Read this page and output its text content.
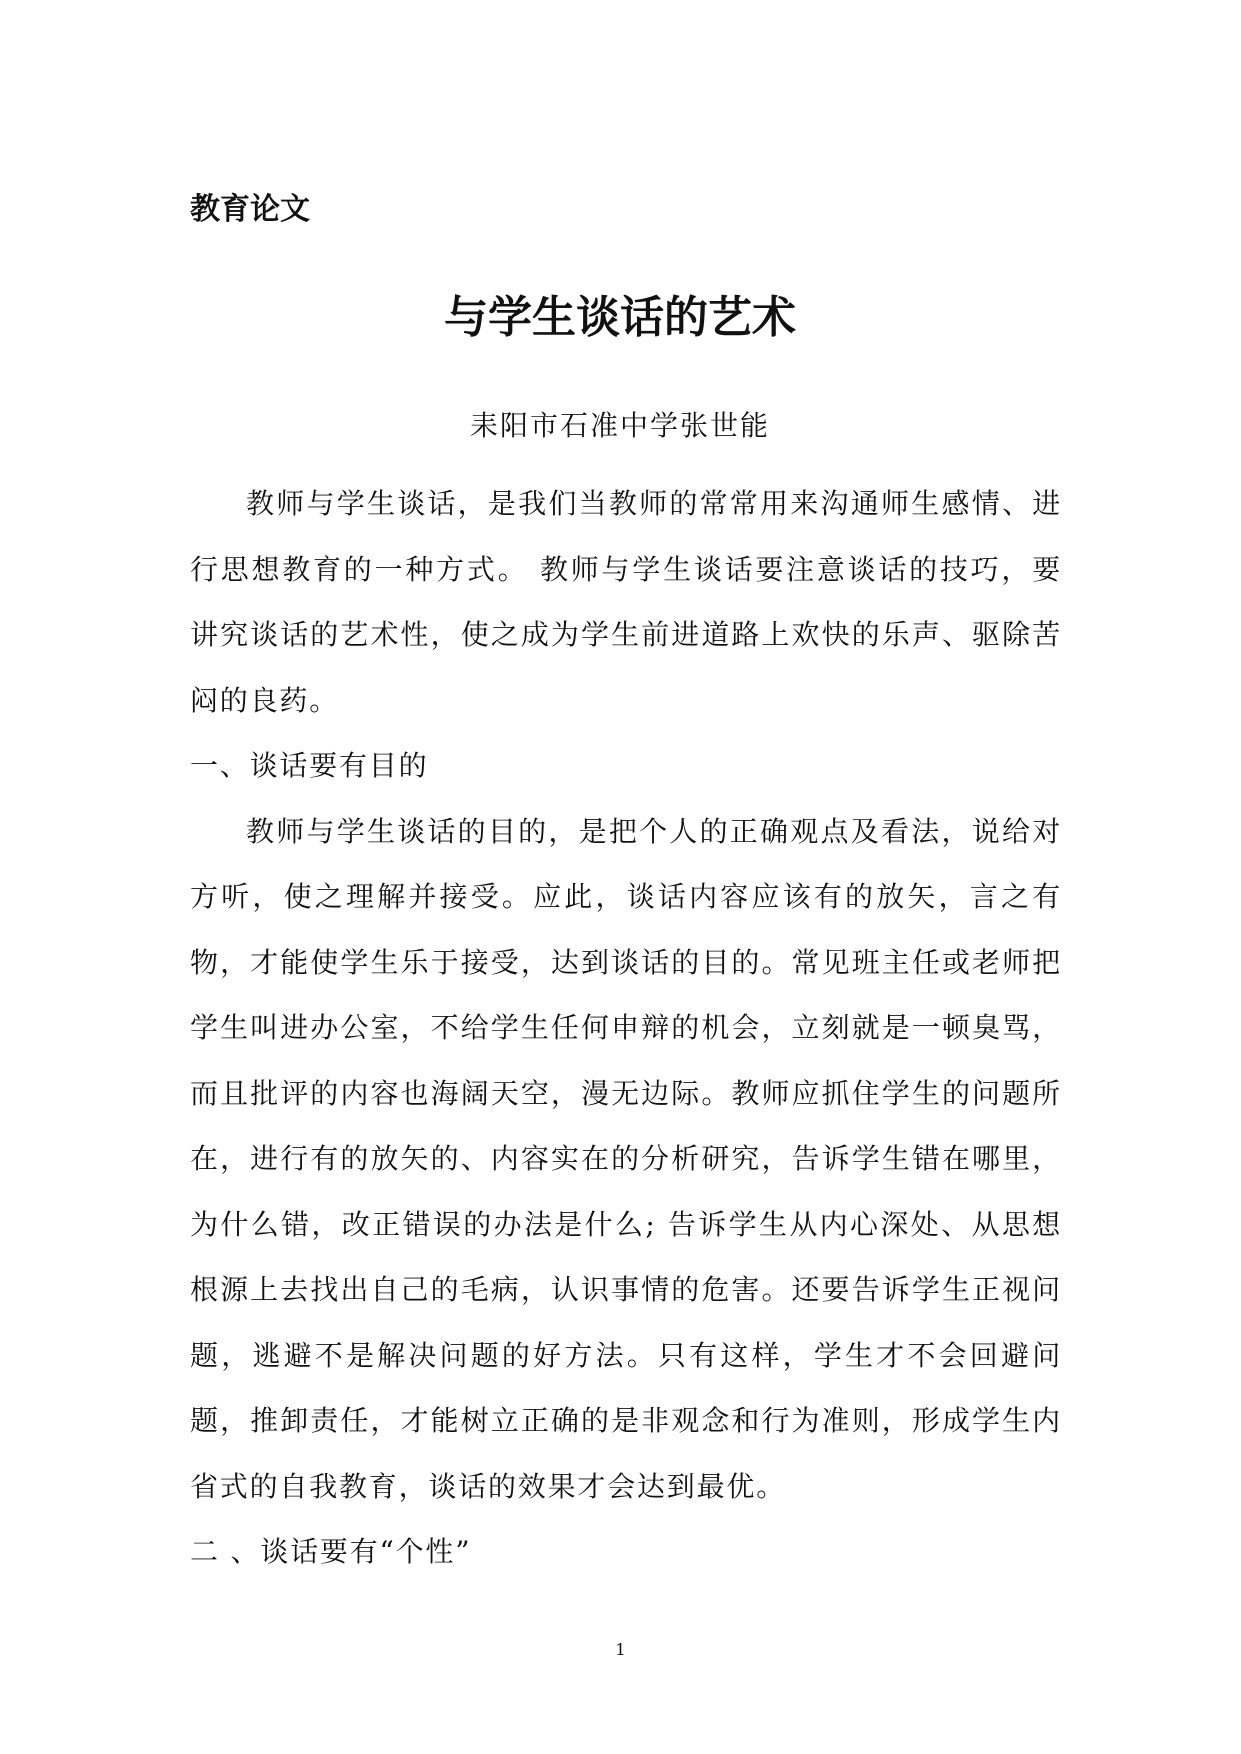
教育论文
与学生谈话的艺术

耒阳市石准中学张世能

教师与学生谈话，是我们当教师的常常用来沟通师生感情、进行思想教育的一种方式。 教师与学生谈话要注意谈话的技巧，要讲究谈话的艺术性，使之成为学生前进道路上欢快的乐声、驱除苦闷的良药。

一、谈话要有目的

教师与学生谈话的目的，是把个人的正确观点及看法，说给对方听，使之理解并接受。应此，谈话内容应该有的放矢，言之有物，才能使学生乐于接受，达到谈话的目的。常见班主任或老师把学生叫进办公室，不给学生任何申辩的机会，立刻就是一顿臭骂，而且批评的内容也海阔天空，漫无边际。教师应抓住学生的问题所在，进行有的放矢的、内容实在的分析研究，告诉学生错在哪里，为什么错，改正错误的办法是什么; 告诉学生从内心深处、从思想根源上去找出自己的毛病，认识事情的危害。还要告诉学生正视问题，逃避不是解决问题的好方法。只有这样，学生才不会回避问题，推卸责任，才能树立正确的是非观念和行为准则，形成学生内省式的自我教育，谈话的效果才会达到最优。

二 、谈话要有“个性”

1
